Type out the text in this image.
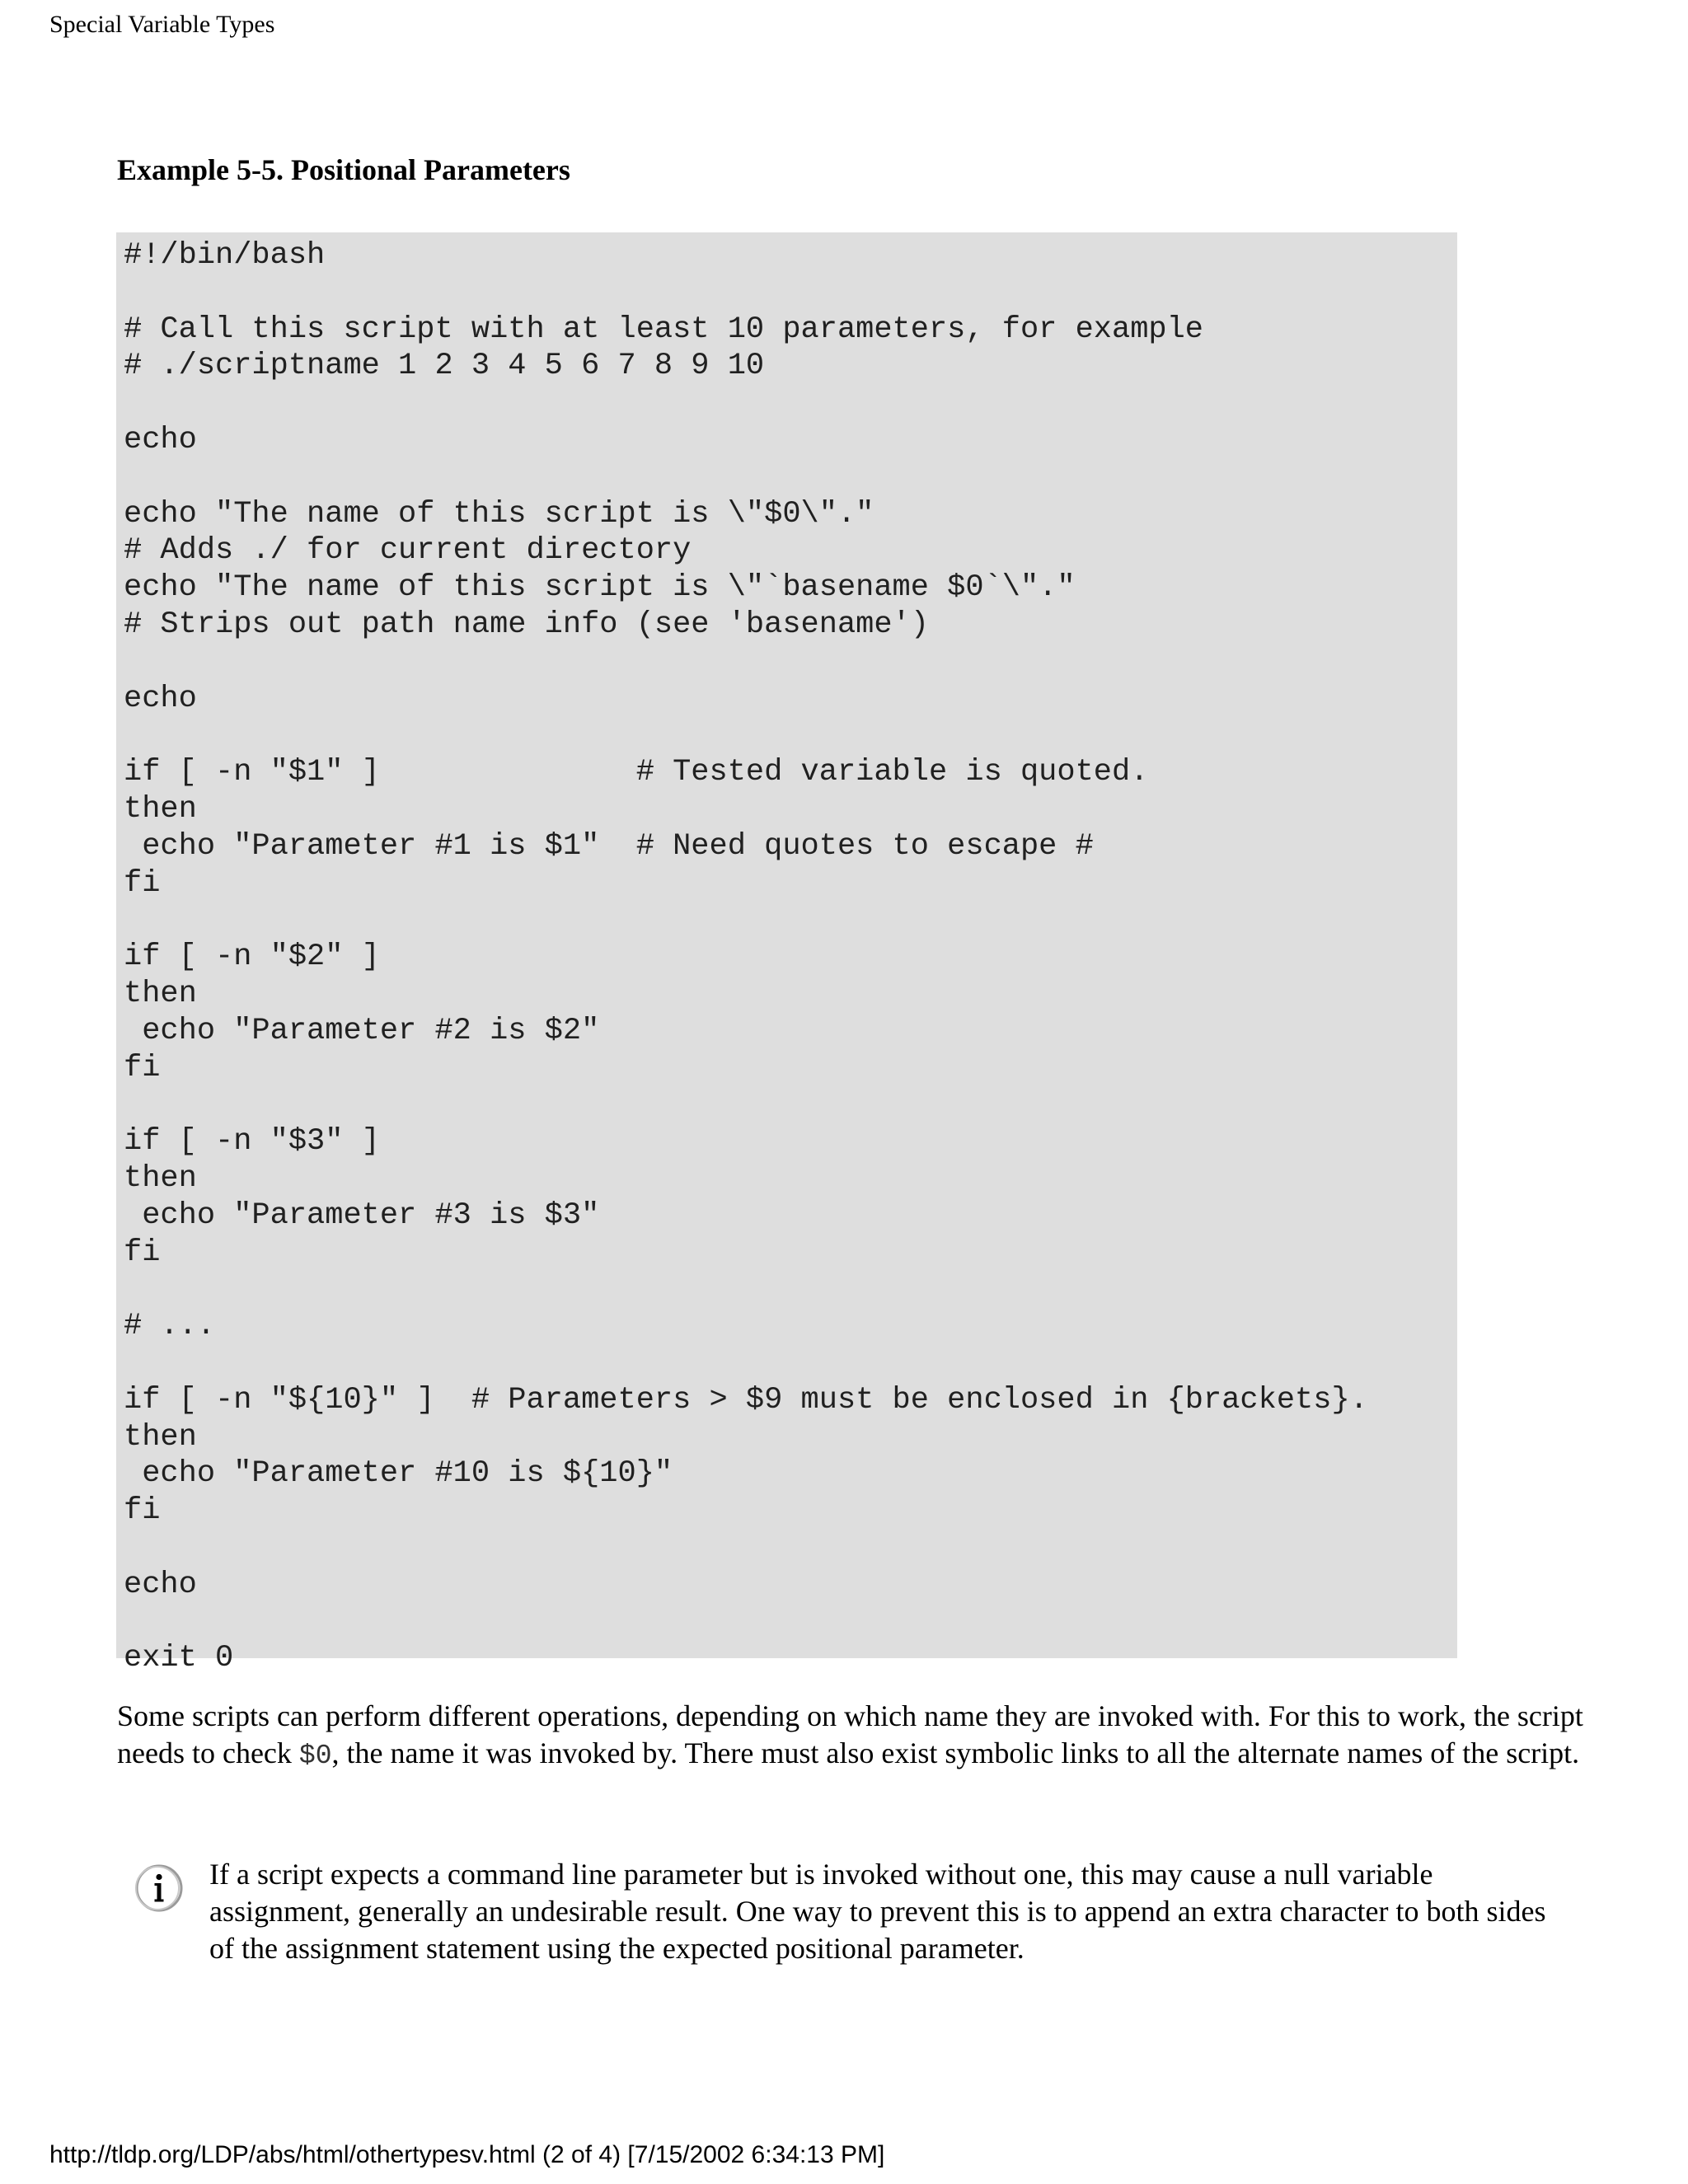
Special Variable Types
Example 5-5. Positional Parameters
#!/bin/bash

# Call this script with at least 10 parameters, for example
# ./scriptname 1 2 3 4 5 6 7 8 9 10

echo

echo "The name of this script is \"$0\"."
# Adds ./ for current directory
echo "The name of this script is \"`basename $0`\"."
# Strips out path name info (see 'basename')

echo

if [ -n "$1" ]              # Tested variable is quoted.
then
echo "Parameter #1 is $1"  # Need quotes to escape #
fi

if [ -n "$2" ]
then
echo "Parameter #2 is $2"
fi

if [ -n "$3" ]
then
echo "Parameter #3 is $3"
fi

# ...

if [ -n "${10}" ]  # Parameters > $9 must be enclosed in {brackets}.
then
echo "Parameter #10 is ${10}"
fi

echo

exit 0

Some scripts can perform different operations, depending on which name they are invoked with. For this to work, the script needs to check $0, the name it was invoked by. There must also exist symbolic links to all the alternate names of the script.

If a script expects a command line parameter but is invoked without one, this may cause a null variable assignment, generally an undesirable result. One way to prevent this is to append an extra character to both sides of the assignment statement using the expected positional parameter.

http://tldp.org/LDP/abs/html/othertypesv.html (2 of 4) [7/15/2002 6:34:13 PM]
